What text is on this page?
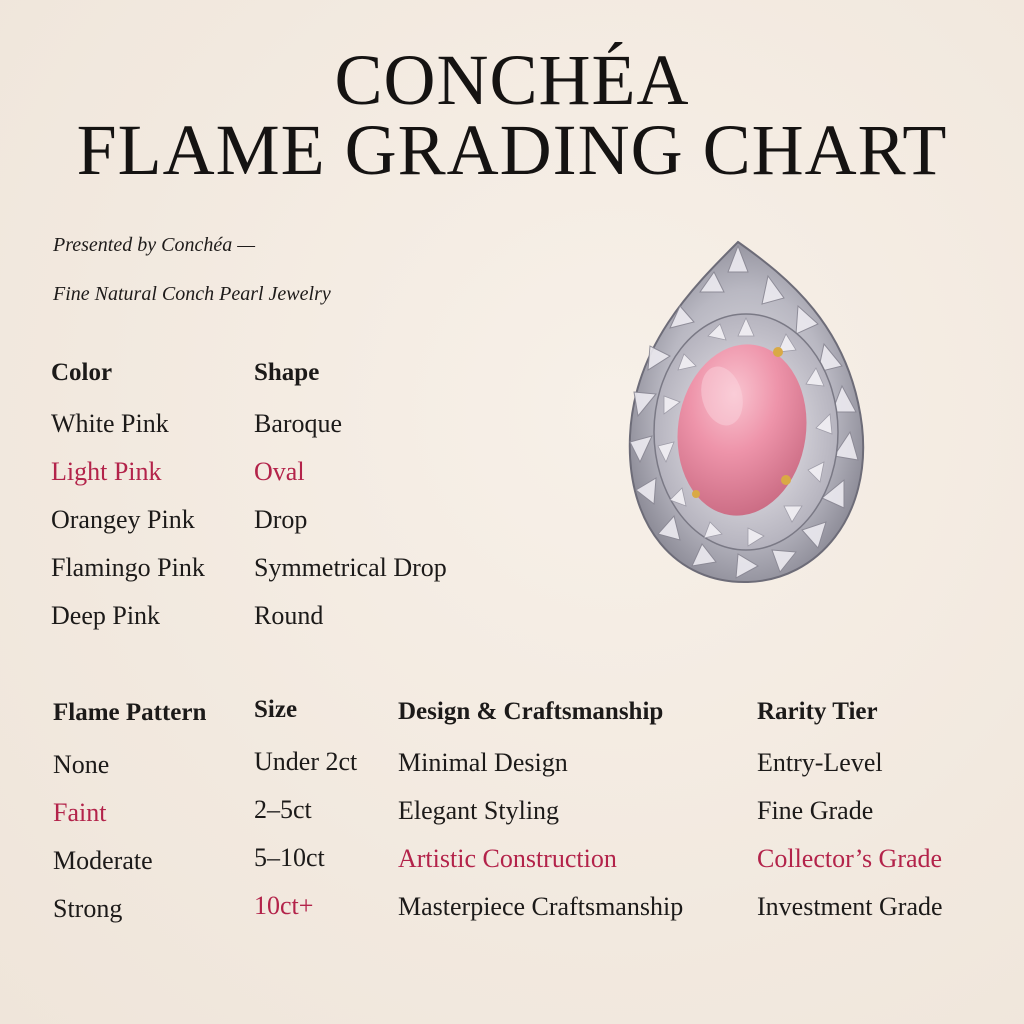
CONCHÉA
FLAME GRADING CHART
Presented by Conchéa —
Fine Natural Conch Pearl Jewelry
Color
White Pink
Light Pink
Orangey Pink
Flamingo Pink
Deep Pink
Shape
Baroque
Oval
Drop
Symmetrical Drop
Round
Flame Pattern
None
Faint
Moderate
Strong
Size
Under 2ct
2–5ct
5–10ct
10ct+
Design & Craftsmanship
Minimal Design
Elegant Styling
Artistic Construction
Masterpiece Craftsmanship
Rarity Tier
Entry-Level
Fine Grade
Collector’s Grade
Investment Grade
